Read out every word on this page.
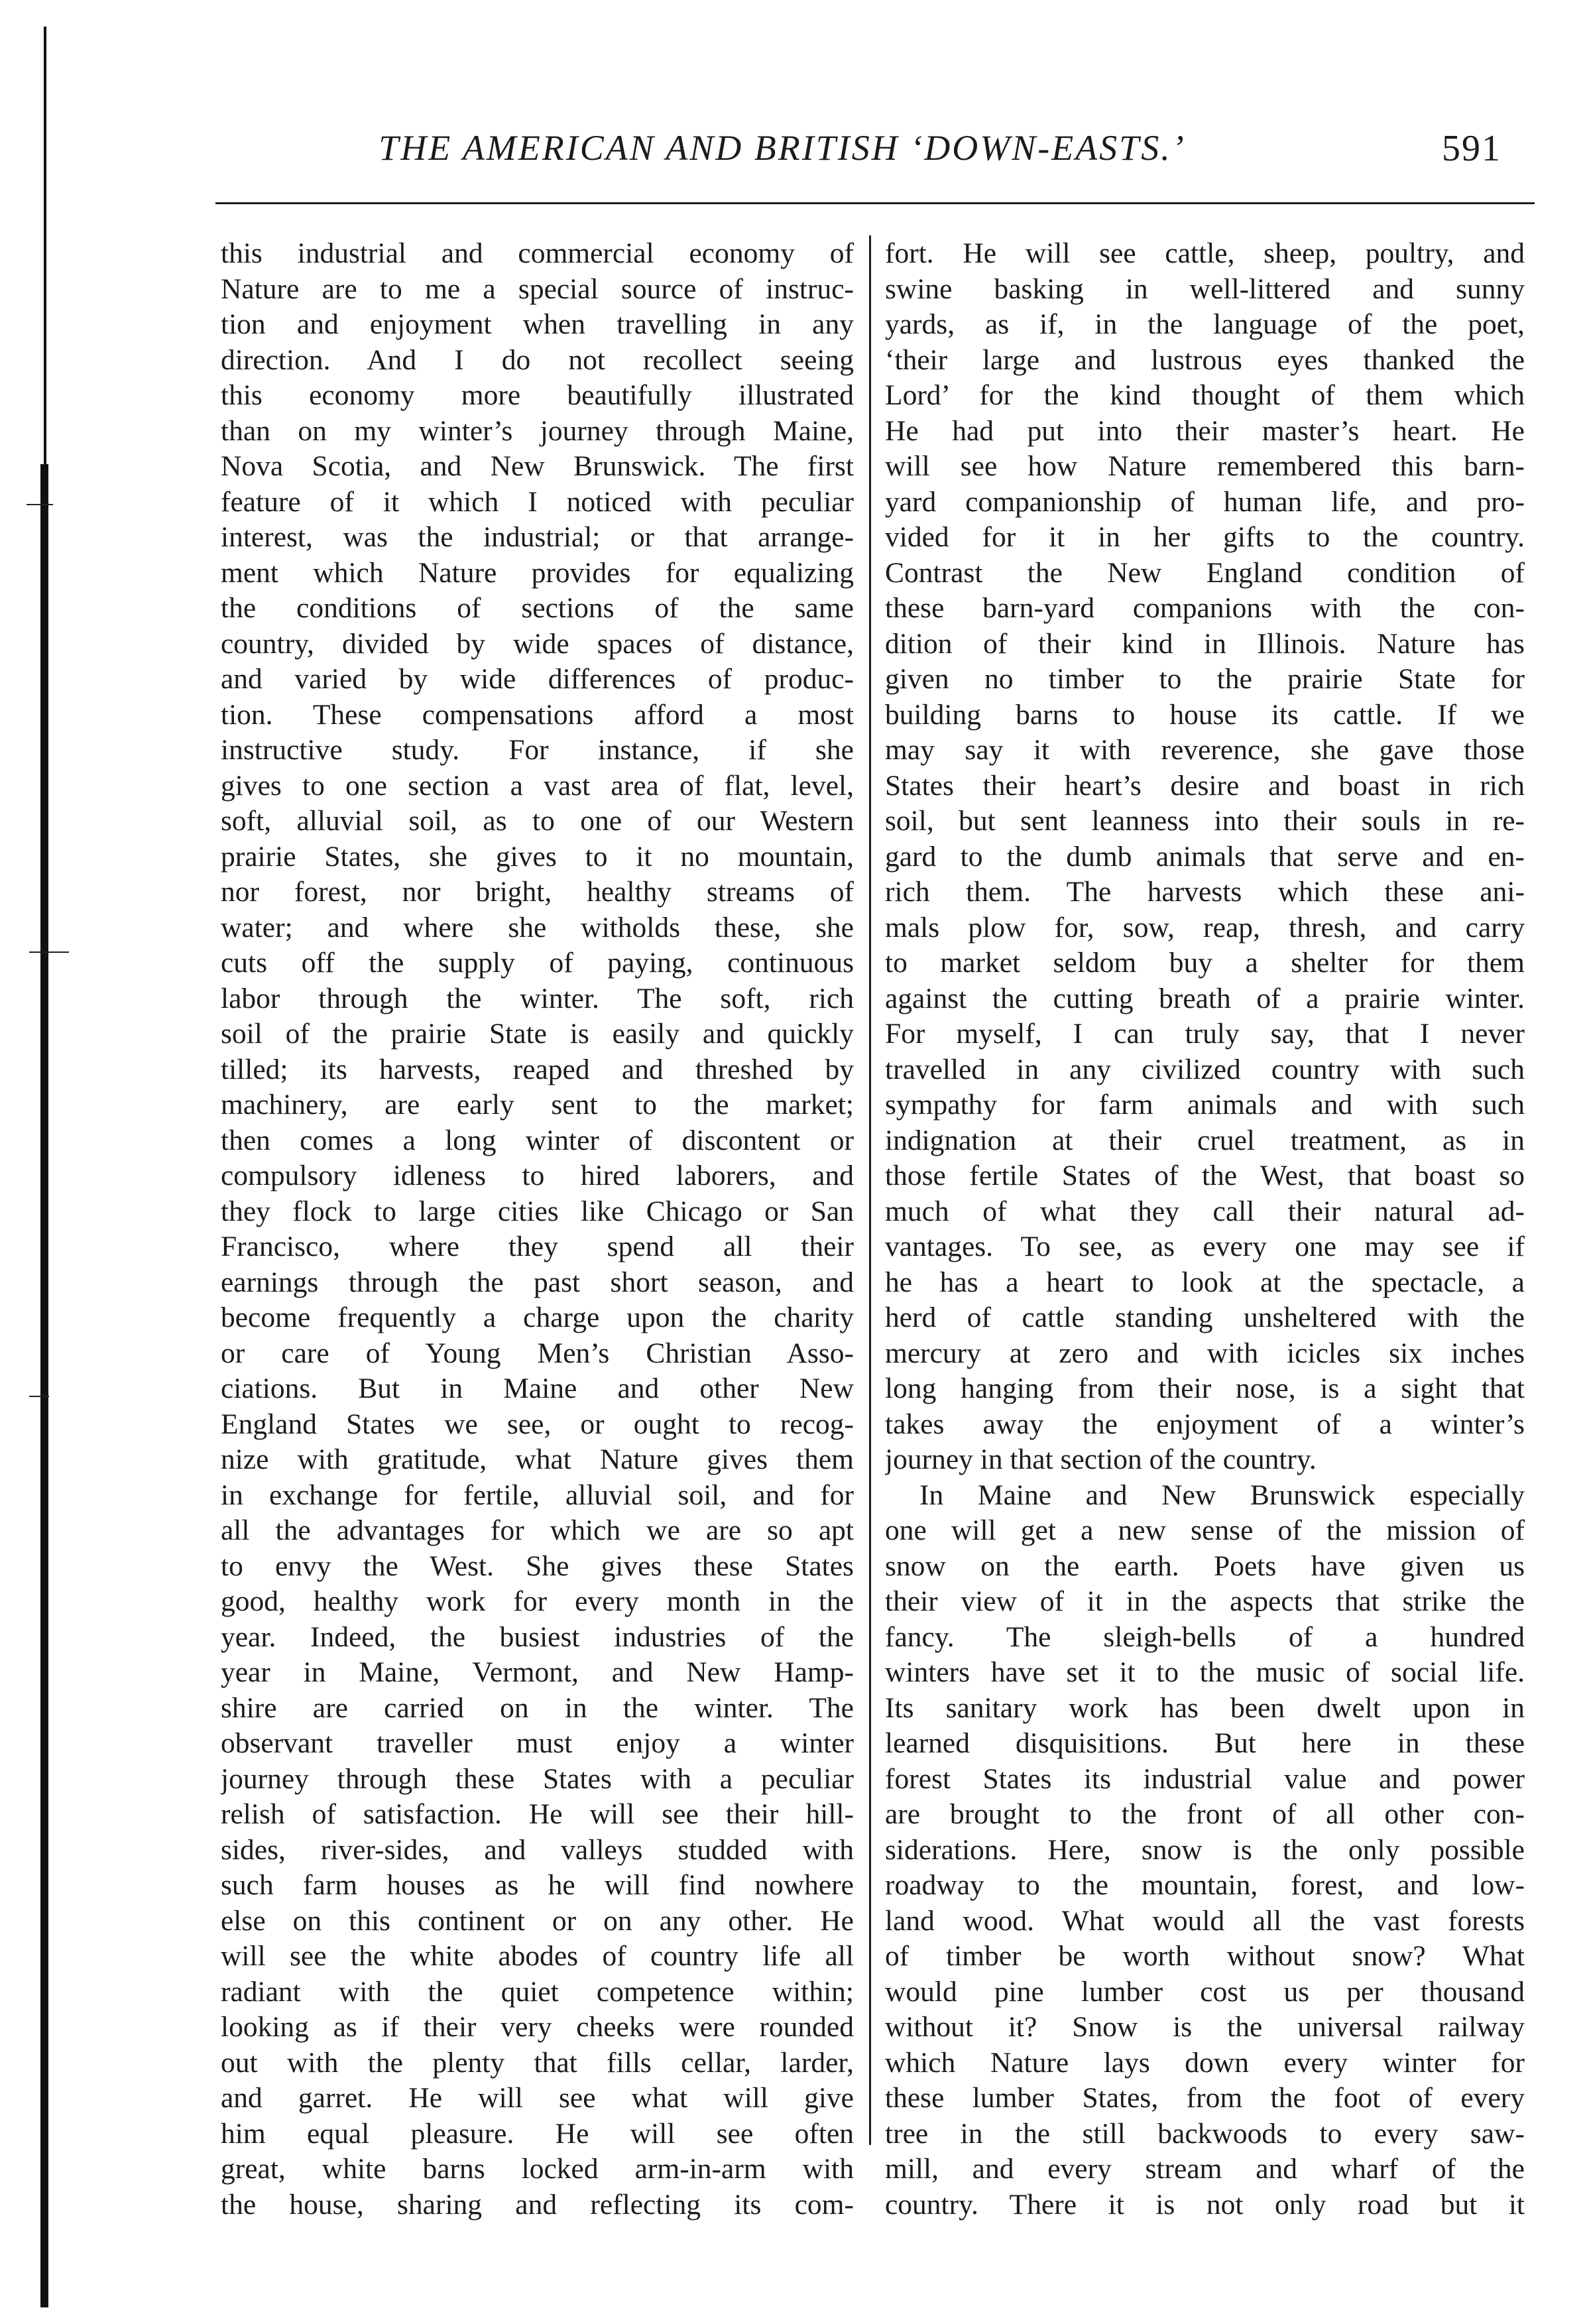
THE AMERICAN AND BRITISH ‘DOWN-EASTS.’	591
this industrial and commercial economy of
Nature are to me a special source of instruc-
tion and enjoyment when travelling in any
direction. And I do not recollect seeing
this economy more beautifully illustrated
than on my winter’s journey through Maine,
Nova Scotia, and New Brunswick. The first
feature of it which I noticed with peculiar
interest, was the industrial; or that arrange-
ment which Nature provides for equalizing
the conditions of sections of the same
country, divided by wide spaces of distance,
and varied by wide differences of produc-
tion. These compensations afford a most
instructive study. For instance, if she
gives to one section a vast area of flat, level,
soft, alluvial soil, as to one of our Western
prairie States, she gives to it no mountain,
nor forest, nor bright, healthy streams of
water; and where she witholds these, she
cuts off the supply of paying, continuous
labor through the winter. The soft, rich
soil of the prairie State is easily and quickly
tilled; its harvests, reaped and threshed by
machinery, are early sent to the market;
then comes a long winter of discontent or
compulsory idleness to hired laborers, and
they flock to large cities like Chicago or San
Francisco, where they spend all their
earnings through the past short season, and
become frequently a charge upon the charity
or care of Young Men’s Christian Asso-
ciations. But in Maine and other New
England States we see, or ought to recog-
nize with gratitude, what Nature gives them
in exchange for fertile, alluvial soil, and for
all the advantages for which we are so apt
to envy the West. She gives these States
good, healthy work for every month in the
year. Indeed, the busiest industries of the
year in Maine, Vermont, and New Hamp-
shire are carried on in the winter. The
observant traveller must enjoy a winter
journey through these States with a peculiar
relish of satisfaction. He will see their hill-
sides, river-sides, and valleys studded with
such farm houses as he will find nowhere
else on this continent or on any other. He
will see the white abodes of country life all
radiant with the quiet competence within;
looking as if their very cheeks were rounded
out with the plenty that fills cellar, larder,
and garret. He will see what will give
him equal pleasure. He will see often
great, white barns locked arm-in-arm with
the house, sharing and reflecting its com-
fort. He will see cattle, sheep, poultry, and
swine basking in well-littered and sunny
yards, as if, in the language of the poet,
‘their large and lustrous eyes thanked the
Lord’ for the kind thought of them which
He had put into their master’s heart. He
will see how Nature remembered this barn-
yard companionship of human life, and pro-
vided for it in her gifts to the country.
Contrast the New England condition of
these barn-yard companions with the con-
dition of their kind in Illinois. Nature has
given no timber to the prairie State for
building barns to house its cattle. If we
may say it with reverence, she gave those
States their heart’s desire and boast in rich
soil, but sent leanness into their souls in re-
gard to the dumb animals that serve and en-
rich them. The harvests which these ani-
mals plow for, sow, reap, thresh, and carry
to market seldom buy a shelter for them
against the cutting breath of a prairie winter.
For myself, I can truly say, that I never
travelled in any civilized country with such
sympathy for farm animals and with such
indignation at their cruel treatment, as in
those fertile States of the West, that boast so
much of what they call their natural ad-
vantages. To see, as every one may see if
he has a heart to look at the spectacle, a
herd of cattle standing unsheltered with the
mercury at zero and with icicles six inches
long hanging from their nose, is a sight that
takes away the enjoyment of a winter’s
journey in that section of the country.
In Maine and New Brunswick especially
one will get a new sense of the mission of
snow on the earth. Poets have given us
their view of it in the aspects that strike the
fancy. The sleigh-bells of a hundred
winters have set it to the music of social life.
Its sanitary work has been dwelt upon in
learned disquisitions. But here in these
forest States its industrial value and power
are brought to the front of all other con-
siderations. Here, snow is the only possible
roadway to the mountain, forest, and low-
land wood. What would all the vast forests
of timber be worth without snow? What
would pine lumber cost us per thousand
without it? Snow is the universal railway
which Nature lays down every winter for
these lumber States, from the foot of every
tree in the still backwoods to every saw-
mill, and every stream and wharf of the
country. There it is not only road but it
